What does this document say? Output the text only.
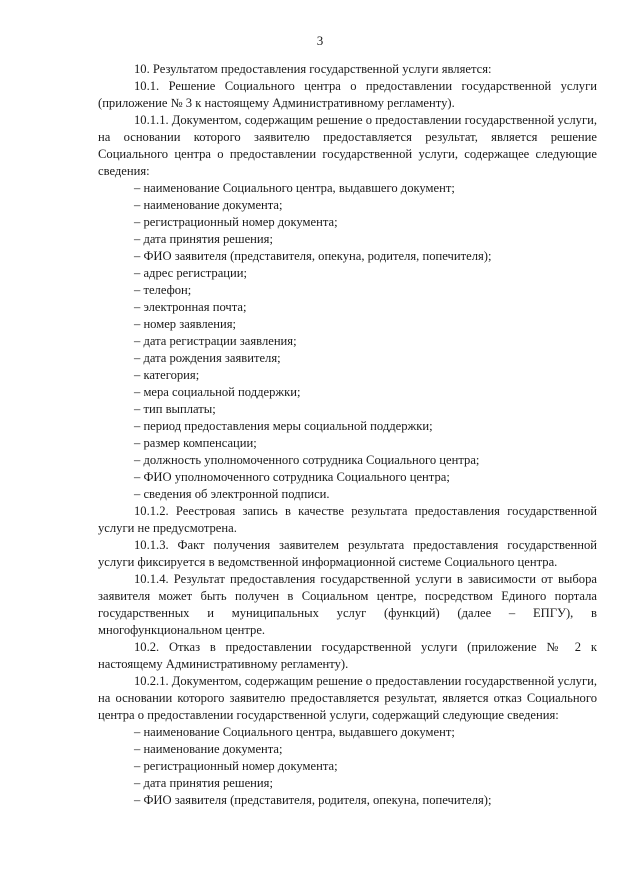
3

10. Результатом предоставления государственной услуги является:

10.1. Решение Социального центра о предоставлении государственной услуги (приложение № 3 к настоящему Административному регламенту).

10.1.1. Документом, содержащим решение о предоставлении государственной услуги, на основании которого заявителю предоставляется результат, является решение Социального центра о предоставлении государственной услуги, содержащее следующие сведения:

– наименование Социального центра, выдавшего документ;

– наименование документа;

– регистрационный номер документа;

– дата принятия решения;

– ФИО заявителя (представителя, опекуна, родителя, попечителя);

– адрес регистрации;

– телефон;

– электронная почта;

– номер заявления;

– дата регистрации заявления;

– дата рождения заявителя;

– категория;

– мера социальной поддержки;

– тип выплаты;

– период предоставления меры социальной поддержки;

– размер компенсации;

– должность уполномоченного сотрудника Социального центра;

– ФИО уполномоченного сотрудника Социального центра;

– сведения об электронной подписи.

10.1.2. Реестровая запись в качестве результата предоставления государственной услуги не предусмотрена.

10.1.3. Факт получения заявителем результата предоставления государственной услуги фиксируется в ведомственной информационной системе Социального центра.

10.1.4. Результат предоставления государственной услуги в зависимости от выбора заявителя может быть получен в Социальном центре, посредством Единого портала государственных и муниципальных услуг (функций) (далее – ЕПГУ), в многофункциональном центре.

10.2. Отказ в предоставлении государственной услуги (приложение № 2 к настоящему Административному регламенту).

10.2.1. Документом, содержащим решение о предоставлении государственной услуги, на основании которого заявителю предоставляется результат, является отказ Социального центра о предоставлении государственной услуги, содержащий следующие сведения:

– наименование Социального центра, выдавшего документ;

– наименование документа;

– регистрационный номер документа;

– дата принятия решения;

– ФИО заявителя (представителя, родителя, опекуна, попечителя);
